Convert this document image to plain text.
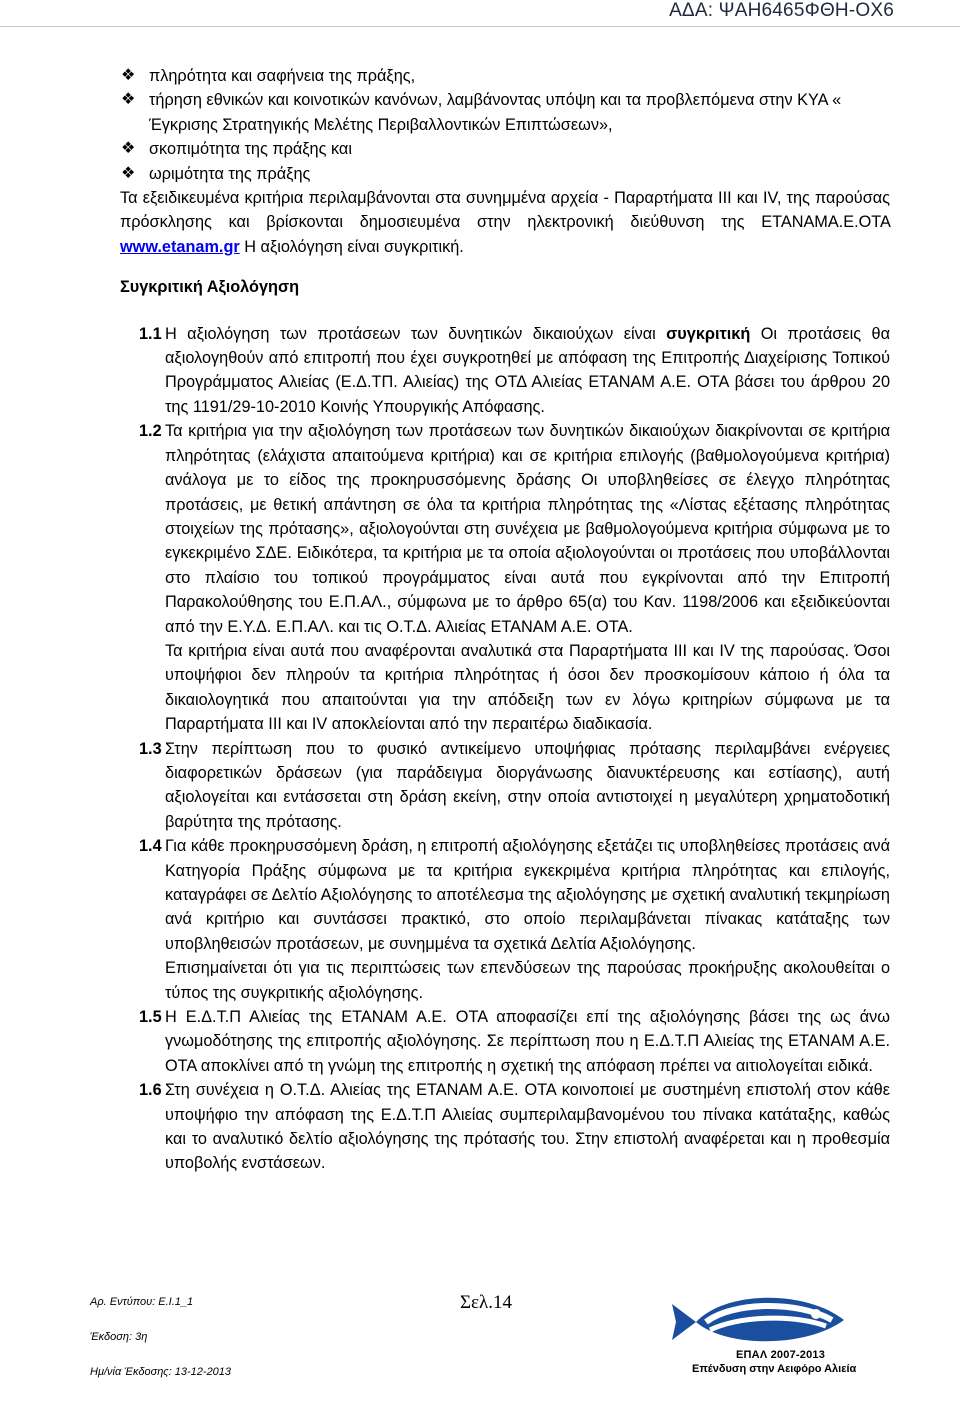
ΑΔΑ: ΨΑΗ6465ΦΘΗ-ΟΧ6
❖ πληρότητα και σαφήνεια της πράξης,
❖ τήρηση εθνικών και κοινοτικών κανόνων, λαμβάνοντας υπόψη και τα προβλεπόμενα στην ΚΥΑ « Έγκρισης Στρατηγικής Μελέτης Περιβαλλοντικών Επιπτώσεων»,
❖ σκοπιμότητα της πράξης και
❖ ωριμότητα της πράξης

Τα εξειδικευμένα κριτήρια περιλαμβάνονται στα συνημμένα αρχεία - Παραρτήματα ΙΙΙ και ΙV, της παρούσας πρόσκλησης και βρίσκονται δημοσιευμένα στην ηλεκτρονική διεύθυνση της ΕΤΑΝΑΜΑ.Ε.ΟΤΑ www.etanam.gr Η αξιολόγηση είναι συγκριτική.

Συγκριτική Αξιολόγηση
1.1 Η αξιολόγηση των προτάσεων των δυνητικών δικαιούχων είναι συγκριτική Οι προτάσεις θα αξιολογηθούν από επιτροπή που έχει συγκροτηθεί με απόφαση της Επιτροπής Διαχείρισης Τοπικού Προγράμματος Αλιείας (Ε.Δ.ΤΠ. Αλιείας) της ΟΤΔ Αλιείας ΕΤΑΝΑΜ Α.Ε. ΟΤΑ βάσει του άρθρου 20 της 1191/29-10-2010 Κοινής Υπουργικής Απόφασης.

1.2 Τα κριτήρια για την αξιολόγηση των προτάσεων των δυνητικών δικαιούχων διακρίνονται σε κριτήρια πληρότητας (ελάχιστα απαιτούμενα κριτήρια) και σε κριτήρια επιλογής (βαθμολογούμενα κριτήρια) ανάλογα με το είδος της προκηρυσσόμενης δράσης Οι υποβληθείσες σε έλεγχο πληρότητας προτάσεις, με θετική απάντηση σε όλα τα κριτήρια πληρότητας της «Λίστας εξέτασης πληρότητας στοιχείων της πρότασης», αξιολογούνται στη συνέχεια με βαθμολογούμενα κριτήρια σύμφωνα με το εγκεκριμένο ΣΔΕ. Ειδικότερα, τα κριτήρια με τα οποία αξιολογούνται οι προτάσεις που υποβάλλονται στο πλαίσιο του τοπικού προγράμματος είναι αυτά που εγκρίνονται από την Επιτροπή Παρακολούθησης του Ε.Π.ΑΛ., σύμφωνα με το άρθρο 65(α) του Καν. 1198/2006 και εξειδικεύονται από την Ε.Υ.Δ. Ε.Π.ΑΛ. και τις Ο.Τ.Δ. Αλιείας ΕΤΑΝΑΜ Α.Ε. ΟΤΑ.

Τα κριτήρια είναι αυτά που αναφέρονται αναλυτικά στα Παραρτήματα ΙΙΙ και ΙV της παρούσας. Όσοι υποψήφιοι δεν πληρούν τα κριτήρια πληρότητας ή όσοι δεν προσκομίσουν κάποιο ή όλα τα δικαιολογητικά που απαιτούνται για την απόδειξη των εν λόγω κριτηρίων σύμφωνα με τα Παραρτήματα ΙΙΙ και ΙV αποκλείονται από την περαιτέρω διαδικασία.

1.3 Στην περίπτωση που το φυσικό αντικείμενο υποψήφιας πρότασης περιλαμβάνει ενέργειες διαφορετικών δράσεων (για παράδειγμα διοργάνωσης διανυκτέρευσης και εστίασης), αυτή αξιολογείται και εντάσσεται στη δράση εκείνη, στην οποία αντιστοιχεί η μεγαλύτερη χρηματοδοτική βαρύτητα της πρότασης.

1.4 Για κάθε προκηρυσσόμενη δράση, η επιτροπή αξιολόγησης εξετάζει τις υποβληθείσες προτάσεις ανά Κατηγορία Πράξης σύμφωνα με τα κριτήρια εγκεκριμένα κριτήρια πληρότητας και επιλογής, καταγράφει σε Δελτίο Αξιολόγησης το αποτέλεσμα της αξιολόγησης με σχετική αναλυτική τεκμηρίωση ανά κριτήριο και συντάσσει πρακτικό, στο οποίο περιλαμβάνεται πίνακας κατάταξης των υποβληθεισών προτάσεων, με συνημμένα τα σχετικά Δελτία Αξιολόγησης.

Επισημαίνεται ότι για τις περιπτώσεις των επενδύσεων της παρούσας προκήρυξης ακολουθείται ο τύπος της συγκριτικής αξιολόγησης.

1.5 Η Ε.Δ.Τ.Π Αλιείας της ΕΤΑΝΑΜ Α.Ε. ΟΤΑ αποφασίζει επί της αξιολόγησης βάσει της ως άνω γνωμοδότησης της επιτροπής αξιολόγησης. Σε περίπτωση που η Ε.Δ.Τ.Π Αλιείας της ΕΤΑΝΑΜ Α.Ε. ΟΤΑ αποκλίνει από τη γνώμη της επιτροπής η σχετική της απόφαση πρέπει να αιτιολογείται ειδικά.

1.6 Στη συνέχεια η Ο.Τ.Δ. Αλιείας της ΕΤΑΝΑΜ Α.Ε. ΟΤΑ κοινοποιεί με συστημένη επιστολή στον κάθε υποψήφιο την απόφαση της Ε.Δ.Τ.Π Αλιείας συμπεριλαμβανομένου του πίνακα κατάταξης, καθώς και το αναλυτικό δελτίο αξιολόγησης της πρότασής του. Στην επιστολή αναφέρεται και η προθεσμία υποβολής ενστάσεων.

Αρ. Εντύπου: Ε.Ι.1_1
Έκδοση: 3η
Ημ/νία Έκδοσης: 13-12-2013
Σελ.14
ΕΠΑΛ 2007-2013
Επένδυση στην Αειφόρο Αλιεία
